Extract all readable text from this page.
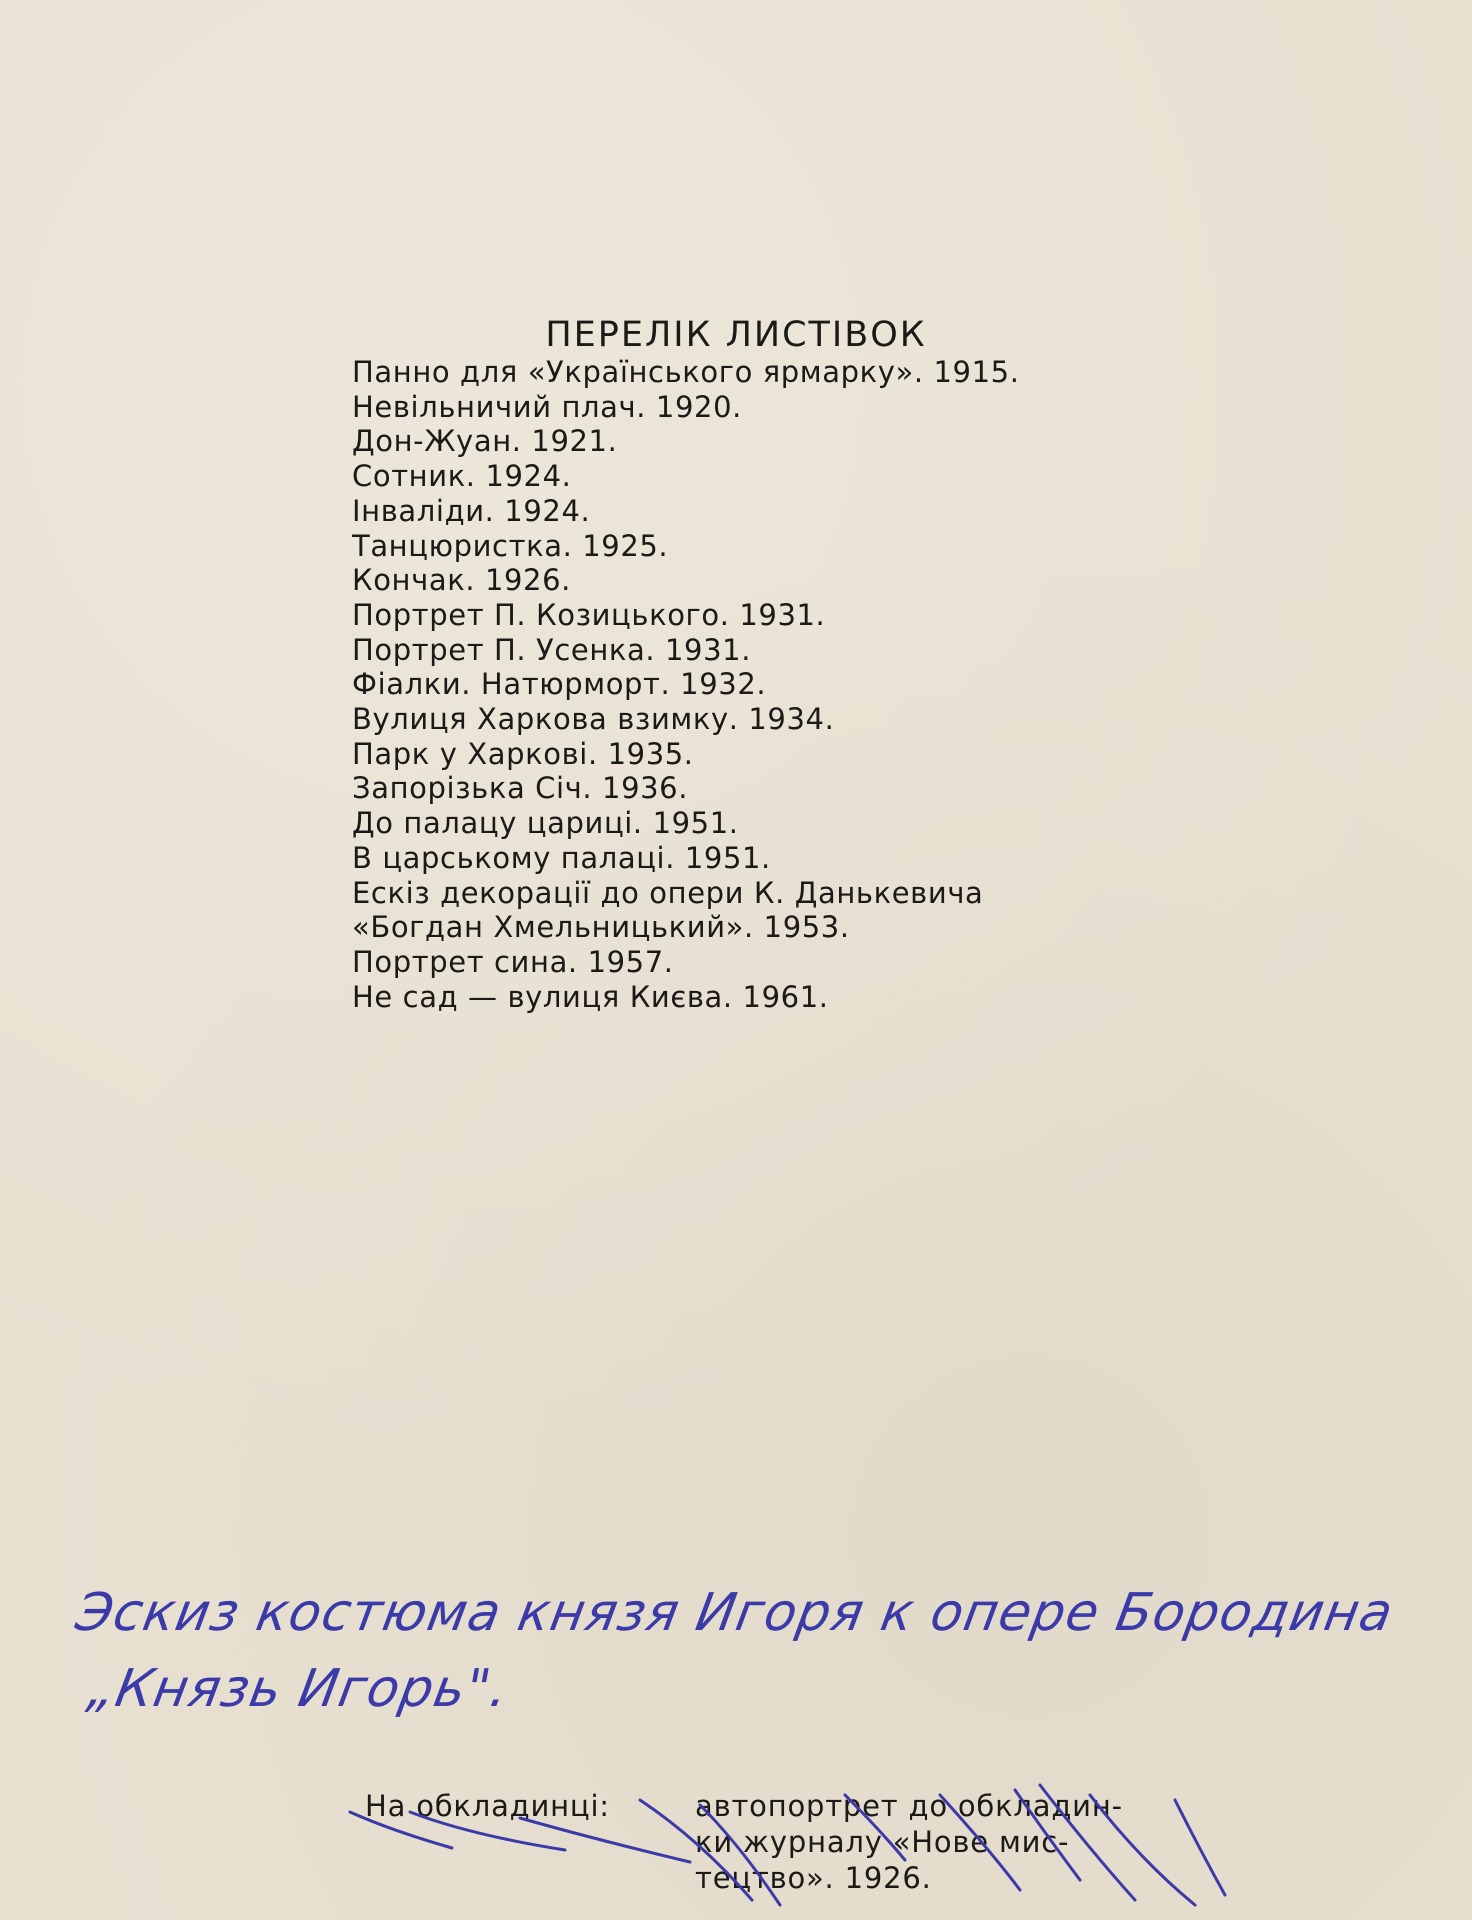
ПЕРЕЛІК ЛИСТІВОК
Панно для «Українського ярмарку». 1915.
Невільничий плач. 1920.
Дон-Жуан. 1921.
Сотник. 1924.
Інваліди. 1924.
Танцюристка. 1925.
Кончак. 1926.
Портрет П. Козицького. 1931.
Портрет П. Усенка. 1931.
Фіалки. Натюрморт. 1932.
Вулиця Харкова взимку. 1934.
Парк у Харкові. 1935.
Запорізька Січ. 1936.
До палацу цариці. 1951.
В царському палаці. 1951.
Ескіз декорації до опери К. Данькевича
«Богдан Хмельницький». 1953.
Портрет сина. 1957.
Не сад — вулиця Києва. 1961.
Эскиз костюма князя Игоря к опере Бородина
„Князь Игорь".
На обкладинці:	автопортрет до обкладин-
ки журналу «Нове мис-
тецтво». 1926.
